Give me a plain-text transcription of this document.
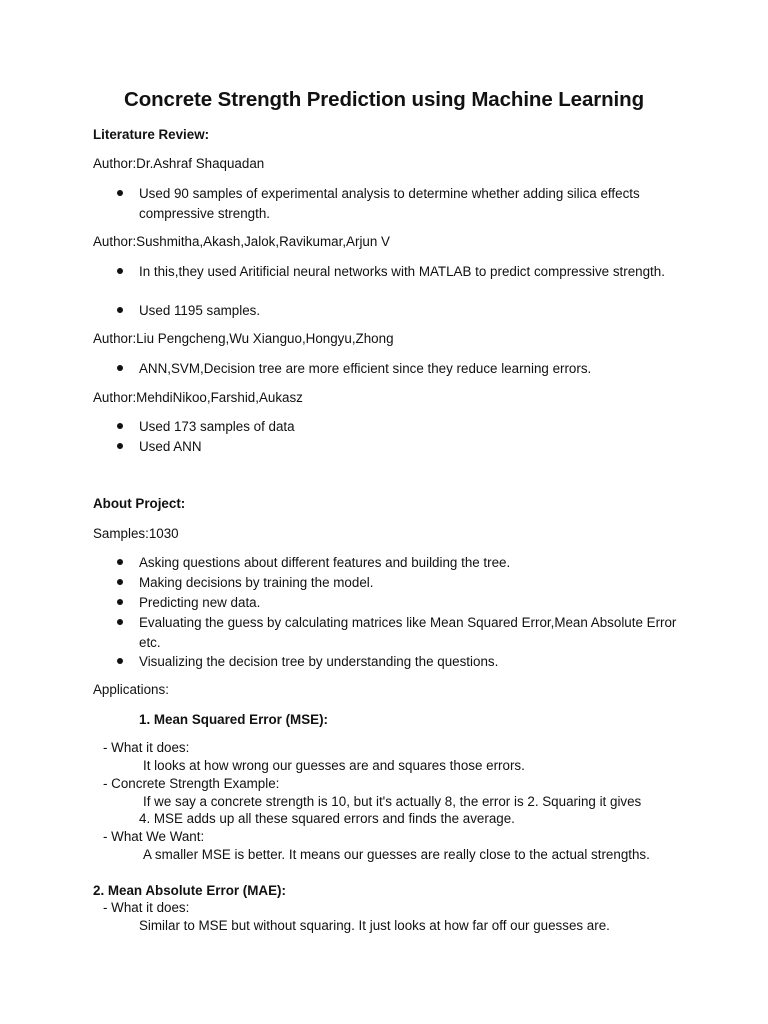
Concrete Strength Prediction using Machine Learning
Literature Review:
Author:Dr.Ashraf Shaquadan
Used 90 samples of experimental analysis to determine whether adding silica effects compressive strength.
Author:Sushmitha,Akash,Jalok,Ravikumar,Arjun V
In this,they used Aritificial neural networks with MATLAB to predict compressive strength.
Used 1195 samples.
Author:Liu Pengcheng,Wu Xianguo,Hongyu,Zhong
ANN,SVM,Decision tree are more efficient since they reduce learning errors.
Author:MehdiNikoo,Farshid,Aukasz
Used 173 samples of data
Used ANN
About Project:
Samples:1030
Asking questions about different features and building the tree.
Making decisions by training the model.
Predicting new data.
Evaluating the guess by calculating matrices like Mean Squared Error,Mean Absolute Error etc.
Visualizing the decision tree by understanding the questions.
Applications:
1. Mean Squared Error (MSE):
- What it does:
It looks at how wrong our guesses are and squares those errors.
- Concrete Strength Example:
If we say a concrete strength is 10, but it's actually 8, the error is 2. Squaring it gives
4. MSE adds up all these squared errors and finds the average.
- What We Want:
A smaller MSE is better. It means our guesses are really close to the actual strengths.
2. Mean Absolute Error (MAE):
- What it does:
Similar to MSE but without squaring. It just looks at how far off our guesses are.
